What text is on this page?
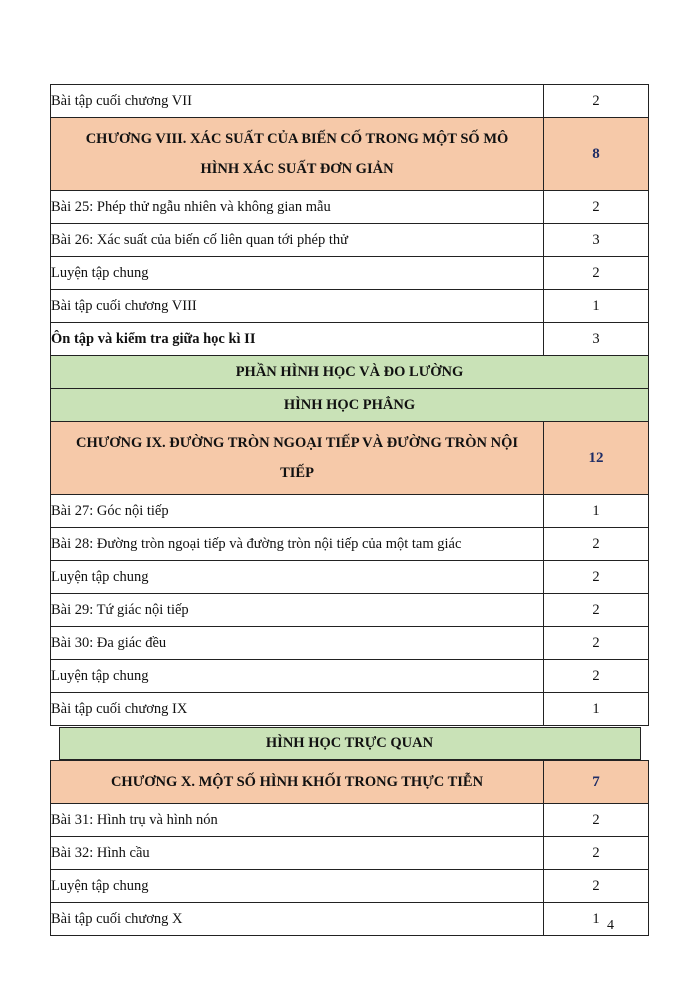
Bài tập cuối chương VII	2
CHƯƠNG VIII. XÁC SUẤT CỦA BIẾN CỐ TRONG MỘT SỐ MÔ HÌNH XÁC SUẤT ĐƠN GIẢN	8
Bài 25: Phép thử ngẫu nhiên và không gian mẫu	2
Bài 26: Xác suất của biến cố liên quan tới phép thử	3
Luyện tập chung	2
Bài tập cuối chương VIII	1
Ôn tập và kiểm tra giữa học kì II	3
PHẦN HÌNH HỌC VÀ ĐO LƯỜNG	
HÌNH HỌC PHẲNG	
CHƯƠNG IX. ĐƯỜNG TRÒN NGOẠI TIẾP VÀ ĐƯỜNG TRÒN NỘI TIẾP	12
Bài 27: Góc nội tiếp	1
Bài 28: Đường tròn ngoại tiếp và đường tròn nội tiếp của một tam giác	2
Luyện tập chung	2
Bài 29: Tứ giác nội tiếp	2
Bài 30: Đa giác đều	2
Luyện tập chung	2
Bài tập cuối chương IX	1

HÌNH HỌC TRỰC QUAN	

CHƯƠNG X. MỘT SỐ HÌNH KHỐI TRONG THỰC TIỄN	7
Bài 31: Hình trụ và hình nón	2
Bài 32: Hình cầu	2
Luyện tập chung	2
Bài tập cuối chương X	1 4
